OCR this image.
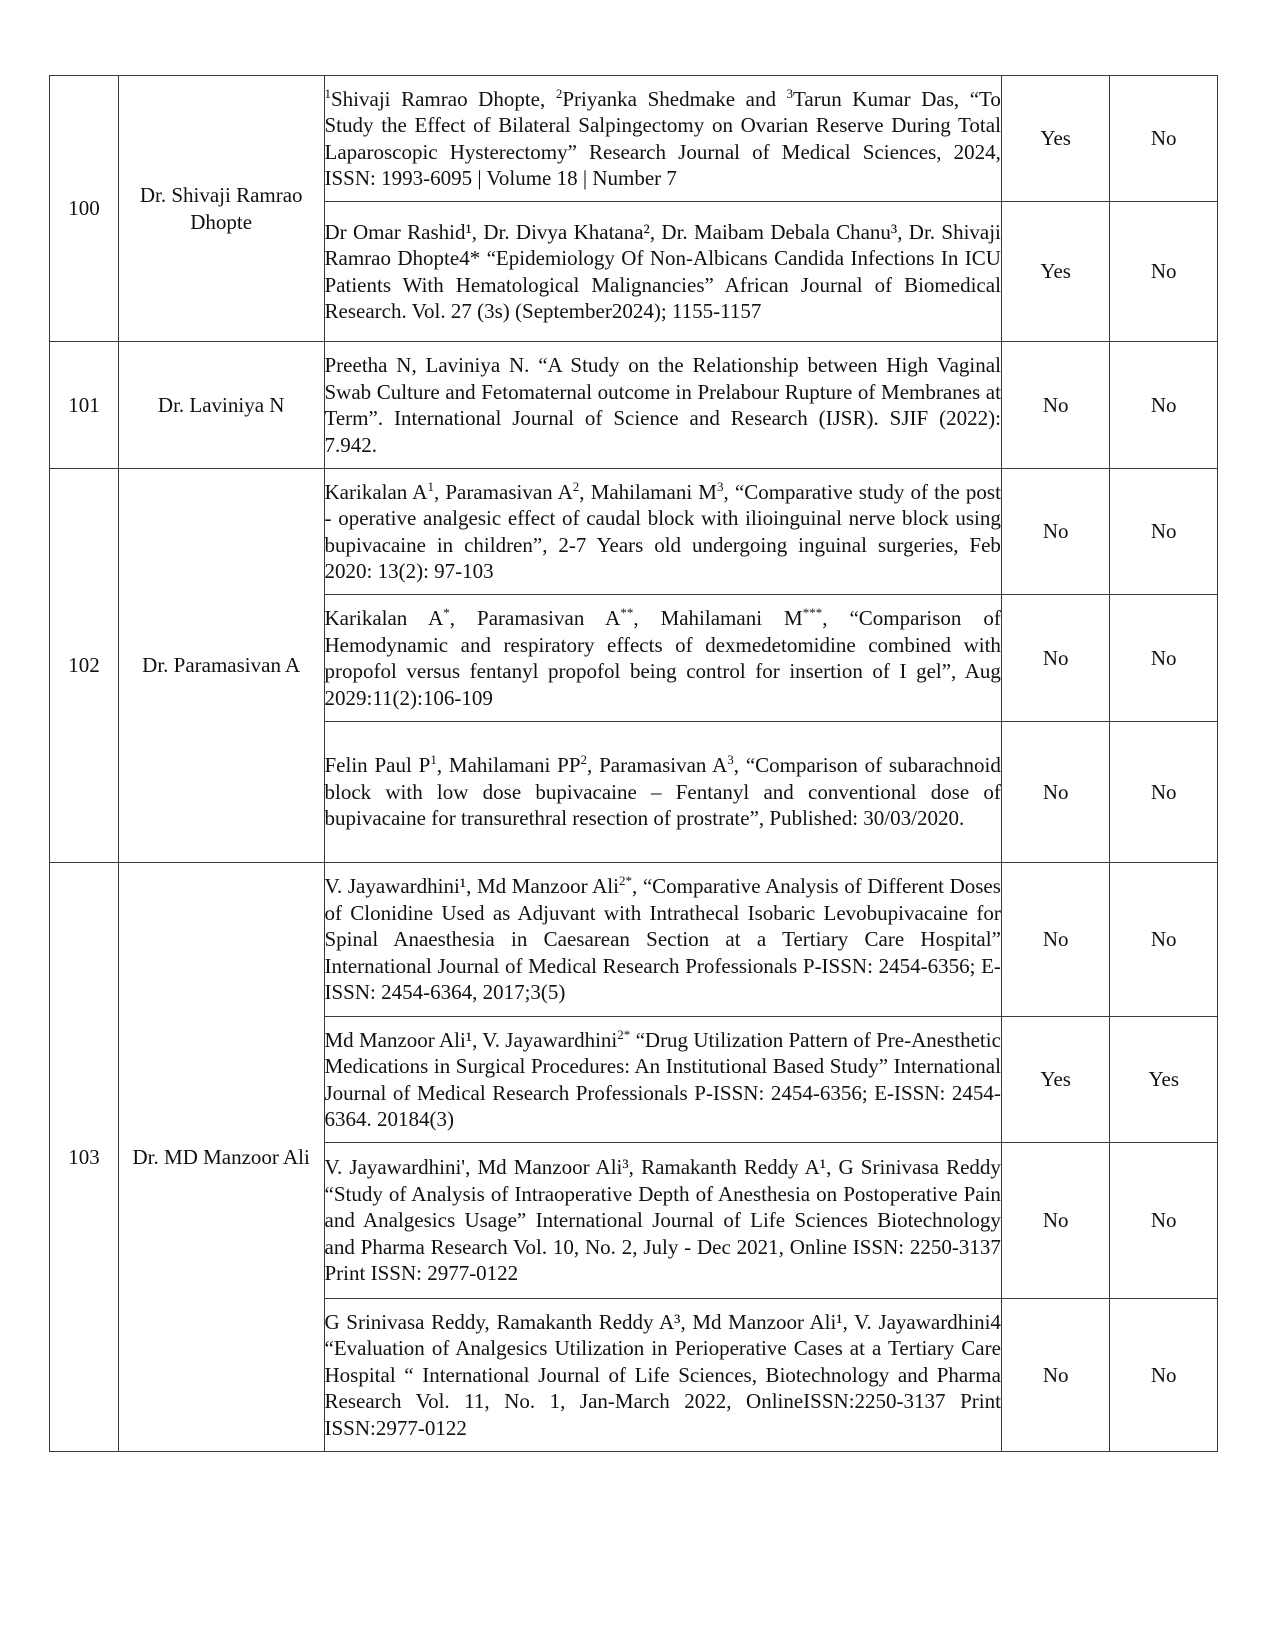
100	Dr. Shivaji Ramrao Dhopte	$^1$Shivaji Ramrao Dhopte, $^2$Priyanka Shedmake and $^3$Tarun Kumar Das, “To Study the Effect of Bilateral Salpingectomy on Ovarian Reserve During Total Laparoscopic Hysterectomy” Research Journal of Medical Sciences, 2024, ISSN: 1993-6095 | Volume 18 | Number 7	Yes	No
		Dr Omar Rashid¹, Dr. Divya Khatana², Dr. Maibam Debala Chanu³, Dr. Shivaji Ramrao Dhopte4* “Epidemiology Of Non-Albicans Candida Infections In ICU Patients With Hematological Malignancies” African Journal of Biomedical Research. Vol. 27 (3s) (September2024); 1155-1157	Yes	No
101	Dr. Laviniya N	Preetha N, Laviniya N. “A Study on the Relationship between High Vaginal Swab Culture and Fetomaternal outcome in Prelabour Rupture of Membranes at Term”. International Journal of Science and Research (IJSR). SJIF (2022): 7.942.	No	No
102	Dr. Paramasivan A	Karikalan $A^1$, Paramasivan $A^2$, Mahilamani $M^3$, “Comparative study of the post - operative analgesic effect of caudal block with ilioinguinal nerve block using bupivacaine in children”, 2-7 Years old undergoing inguinal surgeries, Feb 2020: 13(2): 97-103	No	No
		Karikalan A*, Paramasivan A**, Mahilamani M***, “Comparison of Hemodynamic and respiratory effects of dexmedetomidine combined with propofol versus fentanyl propofol being control for insertion of I gel”, Aug 2029:11(2):106-109	No	No
		Felin Paul $P^1$, Mahilamani $PP^2$, Paramasivan $A^3$, “Comparison of subarachnoid block with low dose bupivacaine – Fentanyl and conventional dose of bupivacaine for transurethral resection of prostrate”, Published: 30/03/2020.	No	No
103	Dr. MD Manzoor Ali	V. Jayawardhini¹, Md Manzoor Ali$^{2*}$, “Comparative Analysis of Different Doses of Clonidine Used as Adjuvant with Intrathecal Isobaric Levobupivacaine for Spinal Anaesthesia in Caesarean Section at a Tertiary Care Hospital” International Journal of Medical Research Professionals P-ISSN: 2454-6356; E-ISSN: 2454-6364, 2017;3(5)	No	No
		Md Manzoor Ali¹, V. Jayawardhini$^{2*}$ “Drug Utilization Pattern of Pre-Anesthetic Medications in Surgical Procedures: An Institutional Based Study” International Journal of Medical Research Professionals P-ISSN: 2454-6356; E-ISSN: 2454-6364. 20184(3)	Yes	Yes
		V. Jayawardhini', Md Manzoor Ali³, Ramakanth Reddy A¹, G Srinivasa Reddy “Study of Analysis of Intraoperative Depth of Anesthesia on Postoperative Pain and Analgesics Usage” International Journal of Life Sciences Biotechnology and Pharma Research Vol. 10, No. 2, July - Dec 2021, Online ISSN: 2250-3137 Print ISSN: 2977-0122	No	No
		G Srinivasa Reddy, Ramakanth Reddy A³, Md Manzoor Ali¹, V. Jayawardhini4 “Evaluation of Analgesics Utilization in Perioperative Cases at a Tertiary Care Hospital “ International Journal of Life Sciences, Biotechnology and Pharma Research Vol. 11, No. 1, Jan-March 2022, OnlineISSN:2250-3137 Print ISSN:2977-0122	No	No
